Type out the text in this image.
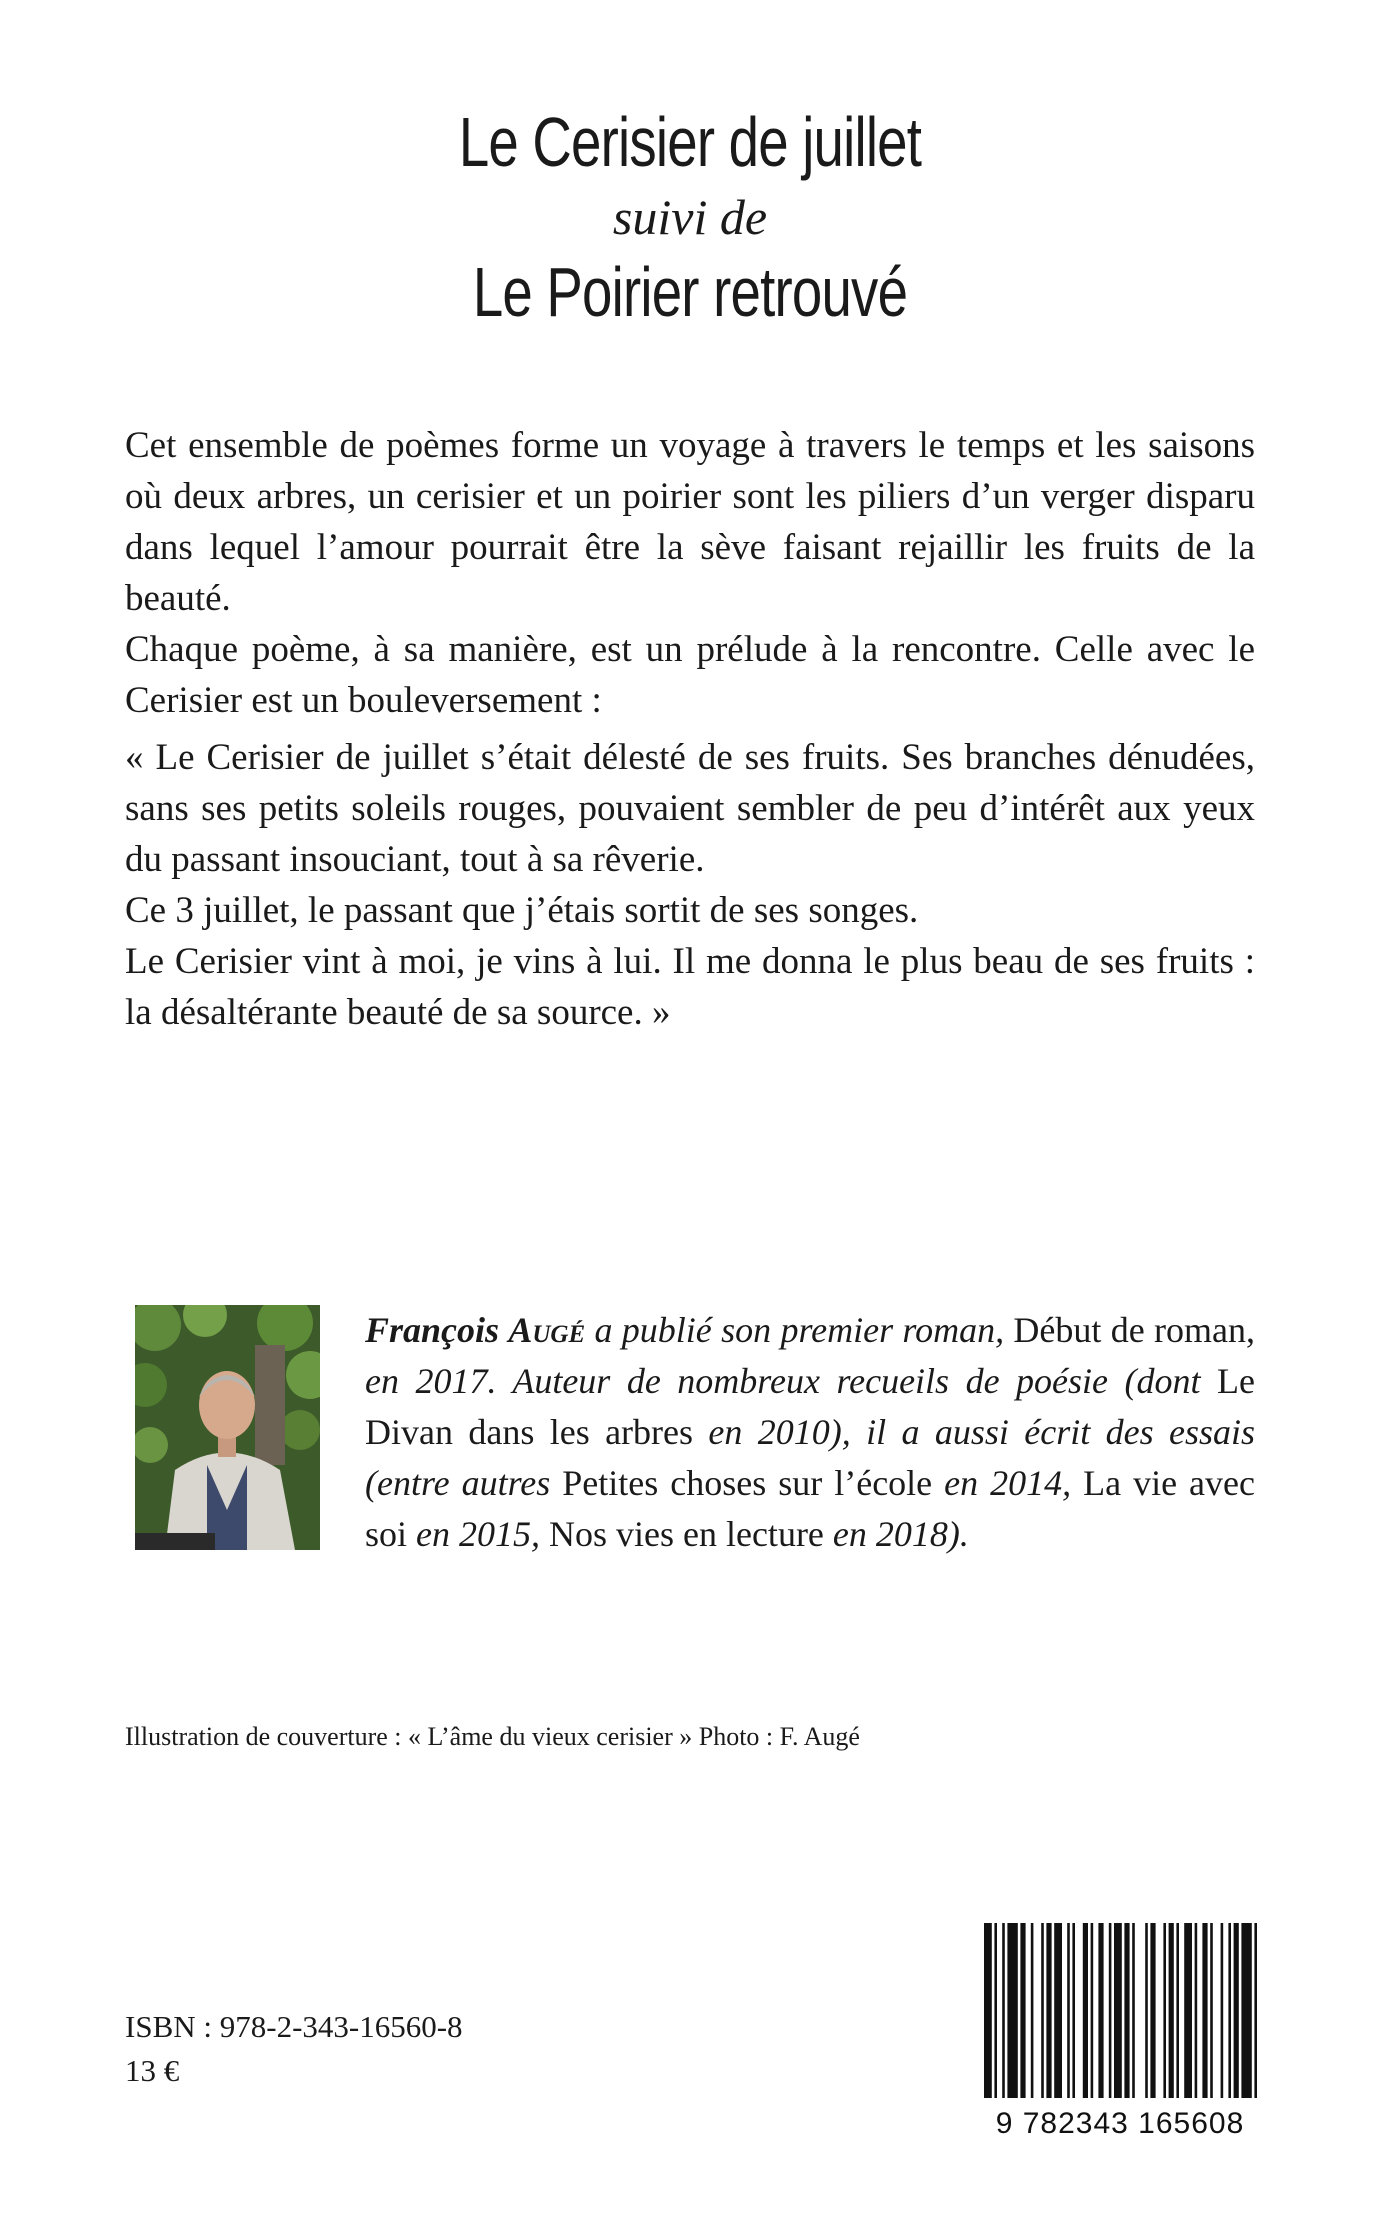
Le Cerisier de juillet
suivi de
Le Poirier retrouvé

Cet ensemble de poèmes forme un voyage à travers le temps et les saisons où deux arbres, un cerisier et un poirier sont les piliers d’un verger disparu dans lequel l’amour pourrait être la sève faisant rejaillir les fruits de la beauté.

Chaque poème, à sa manière, est un prélude à la rencontre. Celle avec le Cerisier est un bouleversement :

« Le Cerisier de juillet s’était délesté de ses fruits. Ses branches dénudées, sans ses petits soleils rouges, pouvaient sembler de peu d’intérêt aux yeux du passant insouciant, tout à sa rêverie.

Ce 3 juillet, le passant que j’étais sortit de ses songes.

Le Cerisier vint à moi, je vins à lui. Il me donna le plus beau de ses fruits : la désaltérante beauté de sa source. »

François Augé a publié son premier roman, Début de roman, en 2017. Auteur de nombreux recueils de poésie (dont Le Divan dans les arbres en 2010), il a aussi écrit des essais (entre autres Petites choses sur l’école en 2014, La vie avec soi en 2015, Nos vies en lecture en 2018).
Illustration de couverture : « L’âme du vieux cerisier » Photo : F. Augé
ISBN : 978-2-343-16560-8
13 €
9 782343 165608
